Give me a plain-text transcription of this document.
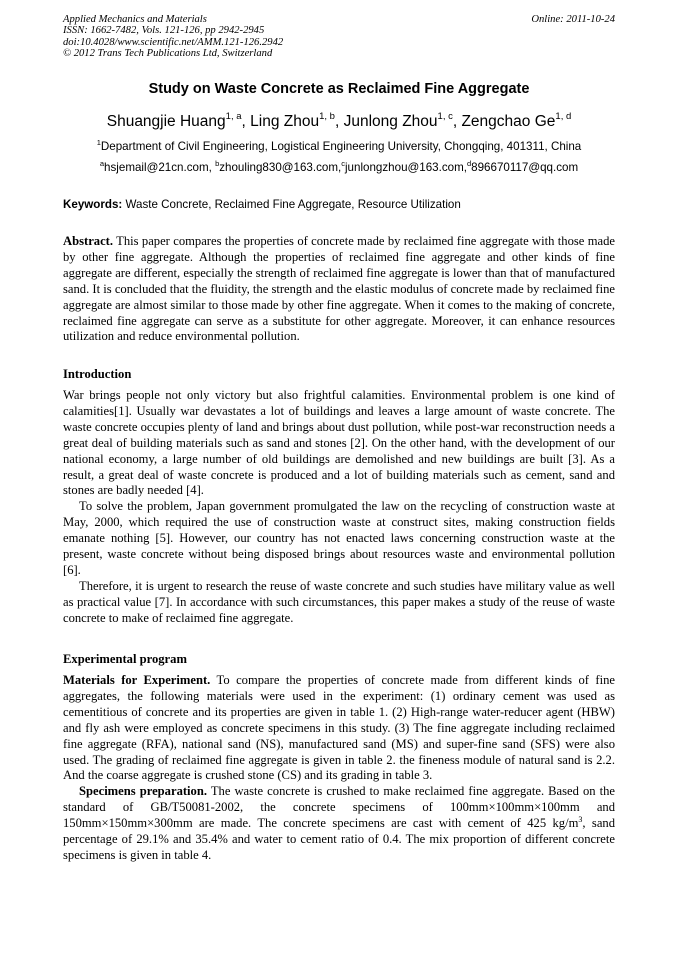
Applied Mechanics and Materials
ISSN: 1662-7482, Vols. 121-126, pp 2942-2945
doi:10.4028/www.scientific.net/AMM.121-126.2942
© 2012 Trans Tech Publications Ltd, Switzerland
Online: 2011-10-24
Study on Waste Concrete as Reclaimed Fine Aggregate
Shuangjie Huang$^{1, a}$, Ling Zhou$^{1, b}$, Junlong Zhou$^{1, c}$, Zengchao Ge$^{1, d}$
$^1$Department of Civil Engineering, Logistical Engineering University, Chongqing, 401311, China
$^a$hsjemail@21cn.com, $^b$zhouling830@163.com,$^c$junlongzhou@163.com,$^d$896670117@qq.com
Keywords: Waste Concrete, Reclaimed Fine Aggregate, Resource Utilization

Abstract. This paper compares the properties of concrete made by reclaimed fine aggregate with those made by other fine aggregate. Although the properties of reclaimed fine aggregate and other kinds of fine aggregate are different, especially the strength of reclaimed fine aggregate is lower than that of manufactured sand. It is concluded that the fluidity, the strength and the elastic modulus of concrete made by reclaimed fine aggregate are almost similar to those made by other fine aggregate. When it comes to the making of concrete, reclaimed fine aggregate can serve as a substitute for other aggregate. Moreover, it can enhance resources utilization and reduce environmental pollution.

Introduction

War brings people not only victory but also frightful calamities. Environmental problem is one kind of calamities[1]. Usually war devastates a lot of buildings and leaves a large amount of waste concrete. The waste concrete occupies plenty of land and brings about dust pollution, while post-war reconstruction needs a great deal of building materials such as sand and stones [2]. On the other hand, with the development of our national economy, a large number of old buildings are demolished and new buildings are built [3]. As a result, a great deal of waste concrete is produced and a lot of building materials such as cement, sand and stones are badly needed [4].

To solve the problem, Japan government promulgated the law on the recycling of construction waste at May, 2000, which required the use of construction waste at construct sites, making construction fields emanate nothing [5]. However, our country has not enacted laws concerning construction waste at the present, waste concrete without being disposed brings about resources waste and environmental pollution [6].

Therefore, it is urgent to research the reuse of waste concrete and such studies have military value as well as practical value [7]. In accordance with such circumstances, this paper makes a study of the reuse of waste concrete to make of reclaimed fine aggregate.

Experimental program

Materials for Experiment. To compare the properties of concrete made from different kinds of fine aggregates, the following materials were used in the experiment: (1) ordinary cement was used as cementitious of concrete and its properties are given in table 1. (2) High-range water-reducer agent (HBW) and fly ash were employed as concrete specimens in this study. (3) The fine aggregate including reclaimed fine aggregate (RFA), national sand (NS), manufactured sand (MS) and super-fine sand (SFS) were also used. The grading of reclaimed fine aggregate is given in table 2. the fineness module of natural sand is 2.2. And the coarse aggregate is crushed stone (CS) and its grading in table 3.

Specimens preparation. The waste concrete is crushed to make reclaimed fine aggregate. Based on the standard of GB/T50081-2002, the concrete specimens of 100mm×100mm×100mm and 150mm×150mm×300mm are made. The concrete specimens are cast with cement of 425 $kg/m^3$, sand percentage of 29.1% and 35.4% and water to cement ratio of 0.4. The mix proportion of different concrete specimens is given in table 4.
